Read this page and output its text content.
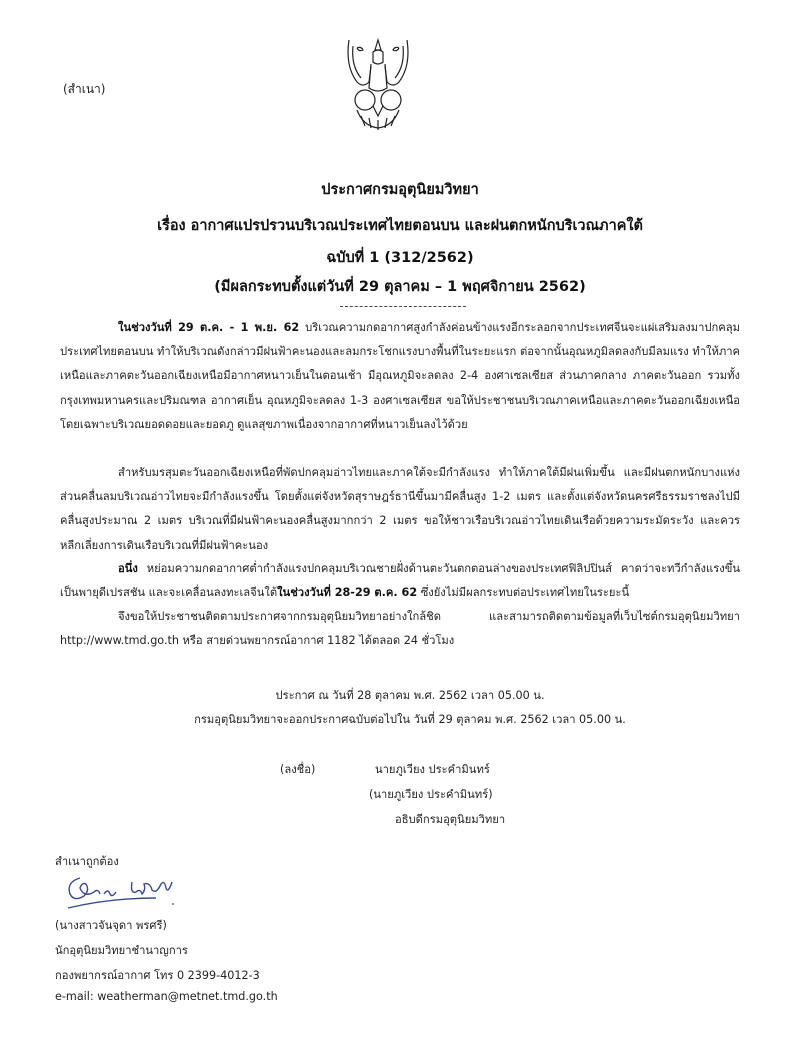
(สำเนา)
ประกาศกรมอุตุนิยมวิทยา
เรื่อง อากาศแปรปรวนบริเวณประเทศไทยตอนบน และฝนตกหนักบริเวณภาคใต้
ฉบับที่ 1 (312/2562)
(มีผลกระทบตั้งแต่วันที่ 29 ตุลาคม – 1 พฤศจิกายน 2562)

ในช่วงวันที่ 29 ต.ค. - 1 พ.ย. 62 บริเวณความกดอากาศสูงกำลังค่อนข้างแรงอีกระลอกจากประเทศจีนจะแผ่เสริมลงมาปกคลุมประเทศไทยตอนบน ทำให้บริเวณดังกล่าวมีฝนฟ้าคะนองและลมกระโชกแรงบางพื้นที่ในระยะแรก ต่อจากนั้นอุณหภูมิลดลงกับมีลมแรง ทำให้ภาคเหนือและภาคตะวันออกเฉียงเหนือมีอากาศหนาวเย็นในตอนเช้า มีอุณหภูมิจะลดลง 2-4 องศาเซลเซียส ส่วนภาคกลาง ภาคตะวันออก รวมทั้งกรุงเทพมหานครและปริมณฑล อากาศเย็น อุณหภูมิจะลดลง 1-3 องศาเซลเซียส ขอให้ประชาชนบริเวณภาคเหนือและภาคตะวันออกเฉียงเหนือโดยเฉพาะบริเวณยอดดอยและยอดภู ดูแลสุขภาพเนื่องจากอากาศที่หนาวเย็นลงไว้ด้วย

สำหรับมรสุมตะวันออกเฉียงเหนือที่พัดปกคลุมอ่าวไทยและภาคใต้จะมีกำลังแรง ทำให้ภาคใต้มีฝนเพิ่มขึ้น และมีฝนตกหนักบางแห่ง ส่วนคลื่นลมบริเวณอ่าวไทยจะมีกำลังแรงขึ้น โดยตั้งแต่จังหวัดสุราษฎร์ธานีขึ้นมามีคลื่นสูง 1-2 เมตร และตั้งแต่จังหวัดนครศรีธรรมราชลงไปมีคลื่นสูงประมาณ 2 เมตร บริเวณที่มีฝนฟ้าคะนองคลื่นสูงมากกว่า 2 เมตร ขอให้ชาวเรือบริเวณอ่าวไทยเดินเรือด้วยความระมัดระวัง และควรหลีกเลี่ยงการเดินเรือบริเวณที่มีฝนฟ้าคะนอง

อนึ่ง หย่อมความกดอากาศต่ำกำลังแรงปกคลุมบริเวณชายฝั่งด้านตะวันตกตอนล่างของประเทศฟิลิปปินส์ คาดว่าจะทวีกำลังแรงขึ้นเป็นพายุดีเปรสชัน และจะเคลื่อนลงทะเลจีนใต้ในช่วงวันที่ 28-29 ต.ค. 62 ซึ่งยังไม่มีผลกระทบต่อประเทศไทยในระยะนี้

จึงขอให้ประชาชนติดตามประกาศจากกรมอุตุนิยมวิทยาอย่างใกล้ชิด และสามารถติดตามข้อมูลที่เว็บไซต์กรมอุตุนิยมวิทยา http://www.tmd.go.th หรือ สายด่วนพยากรณ์อากาศ 1182 ได้ตลอด 24 ชั่วโมง

ประกาศ ณ วันที่ 28 ตุลาคม พ.ศ. 2562 เวลา 05.00 น.
กรมอุตุนิยมวิทยาจะออกประกาศฉบับต่อไปใน วันที่ 29 ตุลาคม พ.ศ. 2562 เวลา 05.00 น.
(ลงชื่อ)	นายภูเวียง ประคำมินทร์
(นายภูเวียง ประคำมินทร์)
อธิบดีกรมอุตุนิยมวิทยา
สำเนาถูกต้อง
(นางสาวจันจุดา พรศรี)
นักอุตุนิยมวิทยาชำนาญการ
กองพยากรณ์อากาศ โทร 0 2399-4012-3
e-mail: weatherman@metnet.tmd.go.th
